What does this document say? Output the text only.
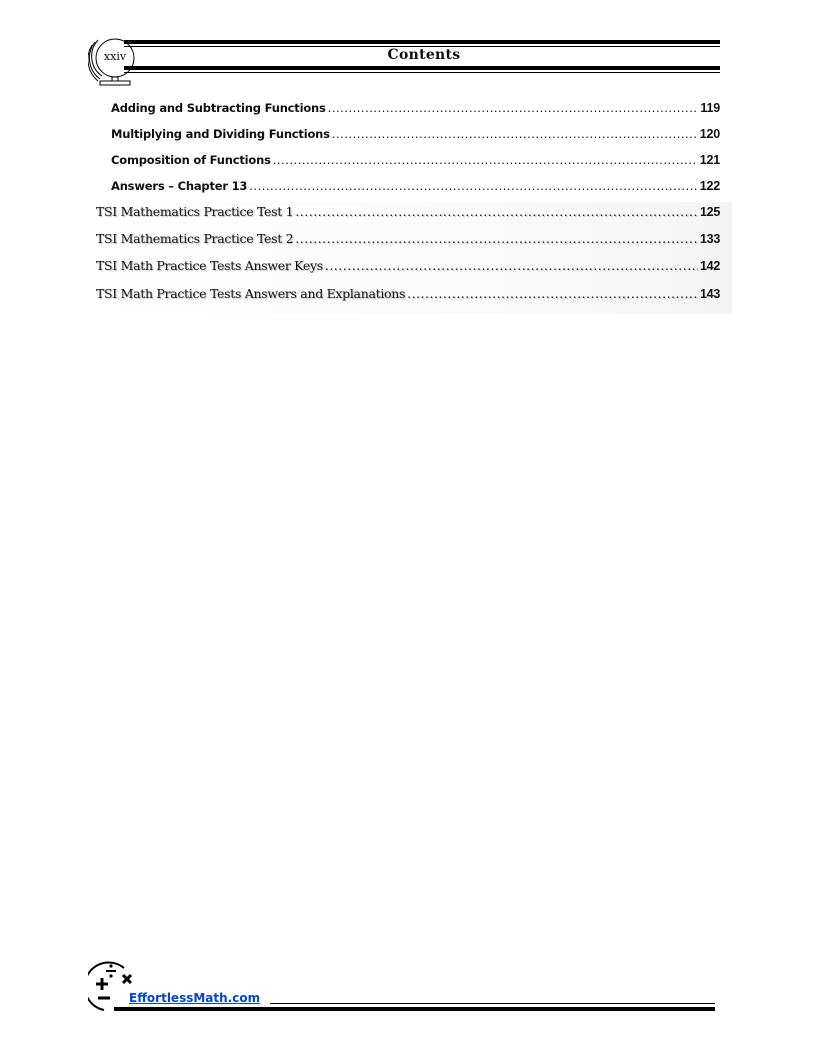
xxiv	Contents
Adding and Subtracting Functions .....	119
Multiplying and Dividing Functions .....	120
Composition of Functions .....	121
Answers – Chapter 13 .....	122
TSI Mathematics Practice Test 1 .....	125
TSI Mathematics Practice Test 2 .....	133
TSI Math Practice Tests Answer Keys .....	142
TSI Math Practice Tests Answers and Explanations .....	143
EffortlessMath.com
